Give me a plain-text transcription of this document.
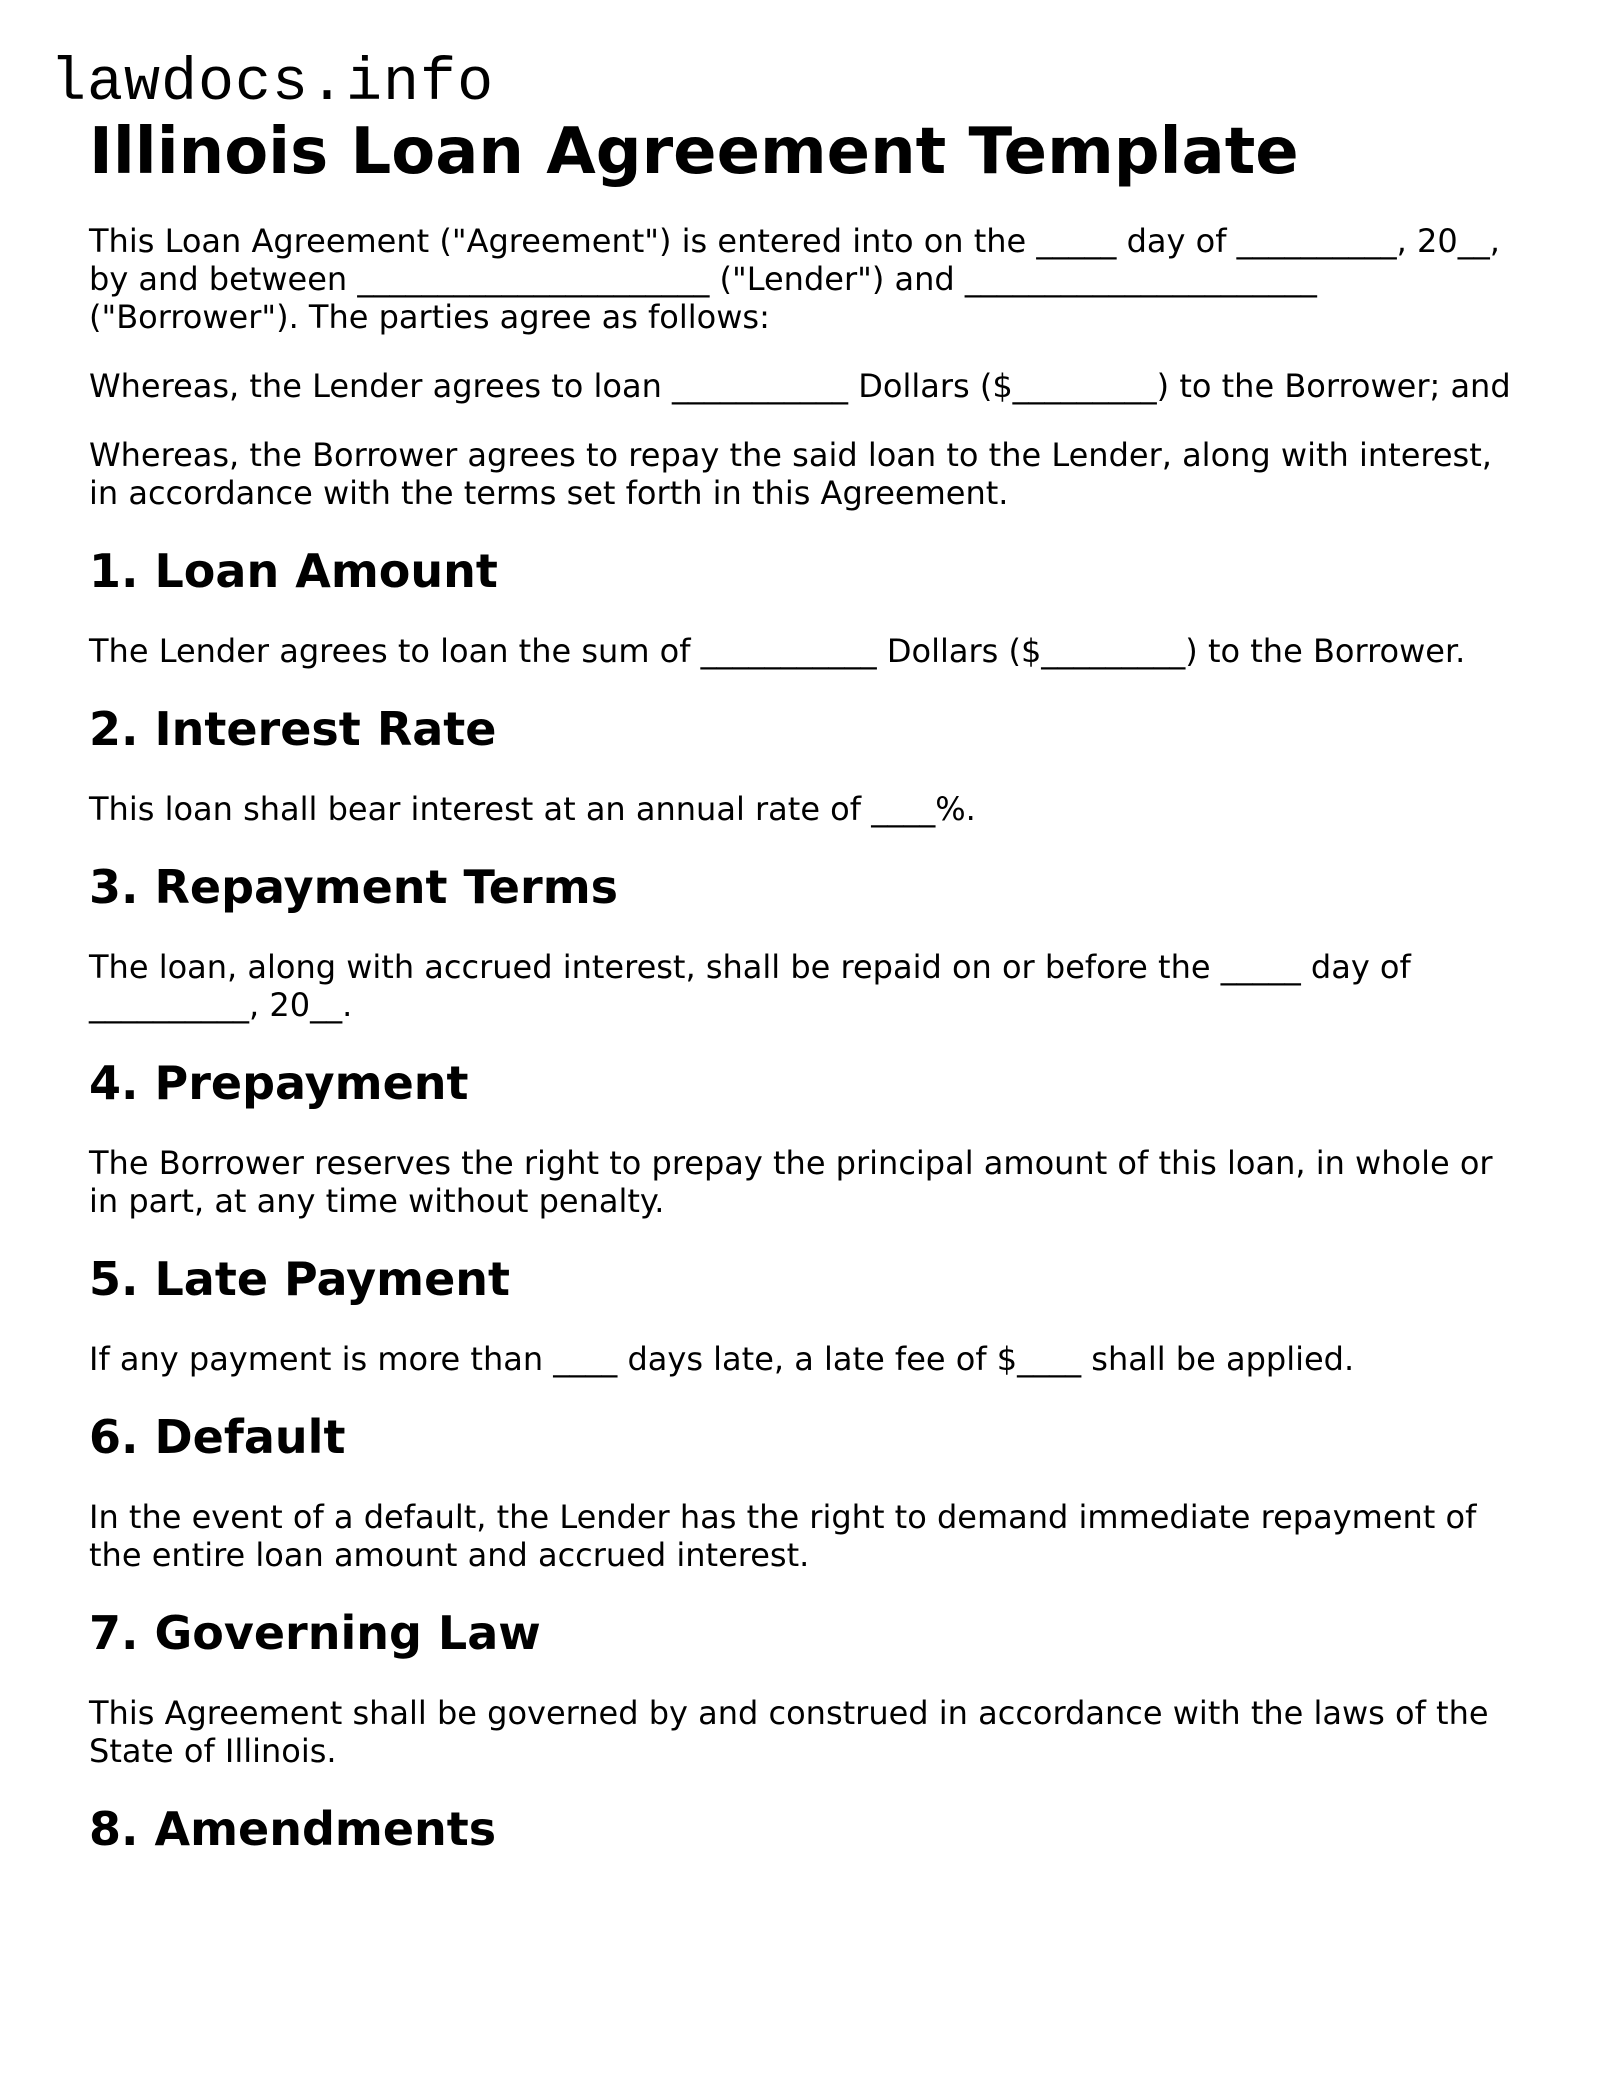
lawdocs.info
Illinois Loan Agreement Template

This Loan Agreement ("Agreement") is entered into on the _____ day of __________, 20__, by and between ______________________ ("Lender") and ______________________ ("Borrower"). The parties agree as follows:

Whereas, the Lender agrees to loan ___________ Dollars ($_________) to the Borrower; and

Whereas, the Borrower agrees to repay the said loan to the Lender, along with interest, in accordance with the terms set forth in this Agreement.

1. Loan Amount

The Lender agrees to loan the sum of ___________ Dollars ($_________) to the Borrower.

2. Interest Rate

This loan shall bear interest at an annual rate of ____%.

3. Repayment Terms

The loan, along with accrued interest, shall be repaid on or before the _____ day of __________, 20__.

4. Prepayment

The Borrower reserves the right to prepay the principal amount of this loan, in whole or in part, at any time without penalty.

5. Late Payment

If any payment is more than ____ days late, a late fee of $____ shall be applied.

6. Default

In the event of a default, the Lender has the right to demand immediate repayment of the entire loan amount and accrued interest.

7. Governing Law

This Agreement shall be governed by and construed in accordance with the laws of the State of Illinois.

8. Amendments
